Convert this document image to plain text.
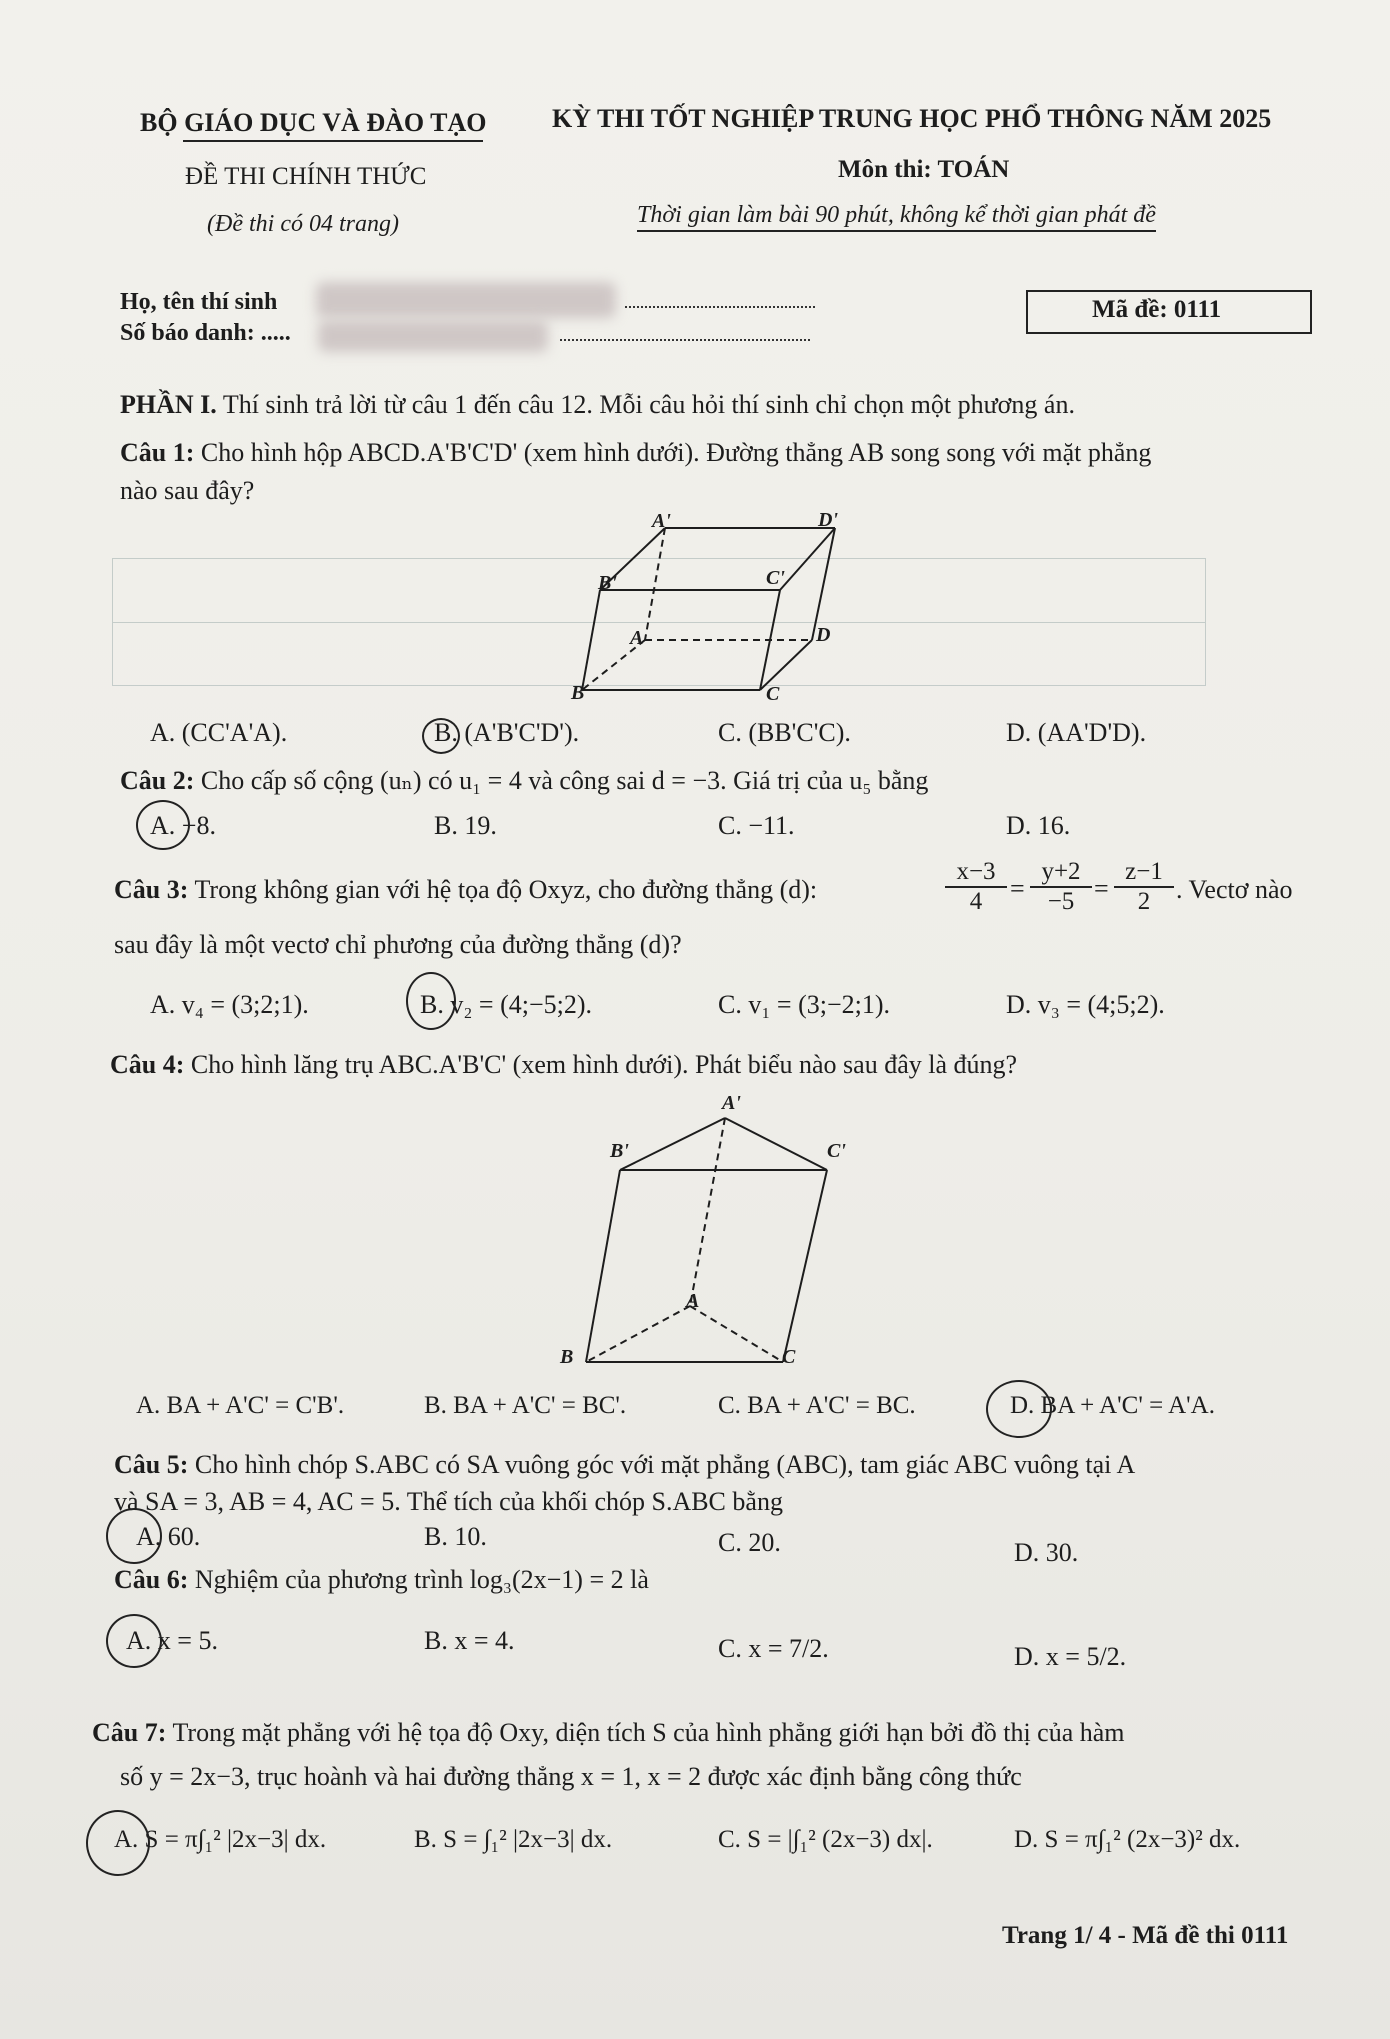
BỘ GIÁO DỤC VÀ ĐÀO TẠO	KỲ THI TỐT NGHIỆP TRUNG HỌC PHỔ THÔNG NĂM 2025
ĐỀ THI CHÍNH THỨC	Môn thi: TOÁN
(Đề thi có 04 trang)	Thời gian làm bài 90 phút, không kể thời gian phát đề
Họ, tên thí sinh
Số báo danh: .....
Mã đề: 0111
PHẦN I. Thí sinh trả lời từ câu 1 đến câu 12. Mỗi câu hỏi thí sinh chỉ chọn một phương án.
Câu 1: Cho hình hộp ABCD.A'B'C'D' (xem hình dưới). Đường thẳng AB song song với mặt phẳng
nào sau đây?
A'	D'
B'	C'
A	D
B	C
A. (CC'A'A).	B. (A'B'C'D').	C. (BB'C'C).	D. (AA'D'D).
Câu 2: Cho cấp số cộng (uₙ) có u₁ = 4 và công sai d = −3. Giá trị của u₅ bằng
A. −8.	B. 19.	C. −11.	D. 16.
Câu 3: Trong không gian với hệ tọa độ Oxyz, cho đường thẳng (d):	$\frac{x-3}{4} = \frac{y+2}{-5} = \frac{z-1}{2}$ . Vectơ nào
sau đây là một vectơ chỉ phương của đường thẳng (d)?
A. v₄ = (3;2;1).	B. v₂ = (4;−5;2).	C. v₁ = (3;−2;1).	D. v₃ = (4;5;2).
Câu 4: Cho hình lăng trụ ABC.A'B'C' (xem hình dưới). Phát biểu nào sau đây là đúng?
A'
B'	C'
A
B	C
A. BA + A'C' = C'B'.	B. BA + A'C' = BC'.	C. BA + A'C' = BC.	D. BA + A'C' = A'A.
Câu 5: Cho hình chóp S.ABC có SA vuông góc với mặt phẳng (ABC), tam giác ABC vuông tại A
và SA = 3, AB = 4, AC = 5. Thể tích của khối chóp S.ABC bằng
A. 60.	B. 10.	C. 20.	D. 30.
Câu 6: Nghiệm của phương trình log₃(2x−1) = 2 là
A. x = 5.	B. x = 4.	C. x = 7/2.	D. x = 5/2.
Câu 7: Trong mặt phẳng với hệ tọa độ Oxy, diện tích S của hình phẳng giới hạn bởi đồ thị của hàm
số y = 2x−3, trục hoành và hai đường thẳng x = 1, x = 2 được xác định bằng công thức
A. S = π∫₁² |2x−3| dx.	B. S = ∫₁² |2x−3| dx.	C. S = |∫₁² (2x−3) dx|.	D. S = π∫₁² (2x−3)² dx.
Trang 1/ 4 - Mã đề thi 0111
